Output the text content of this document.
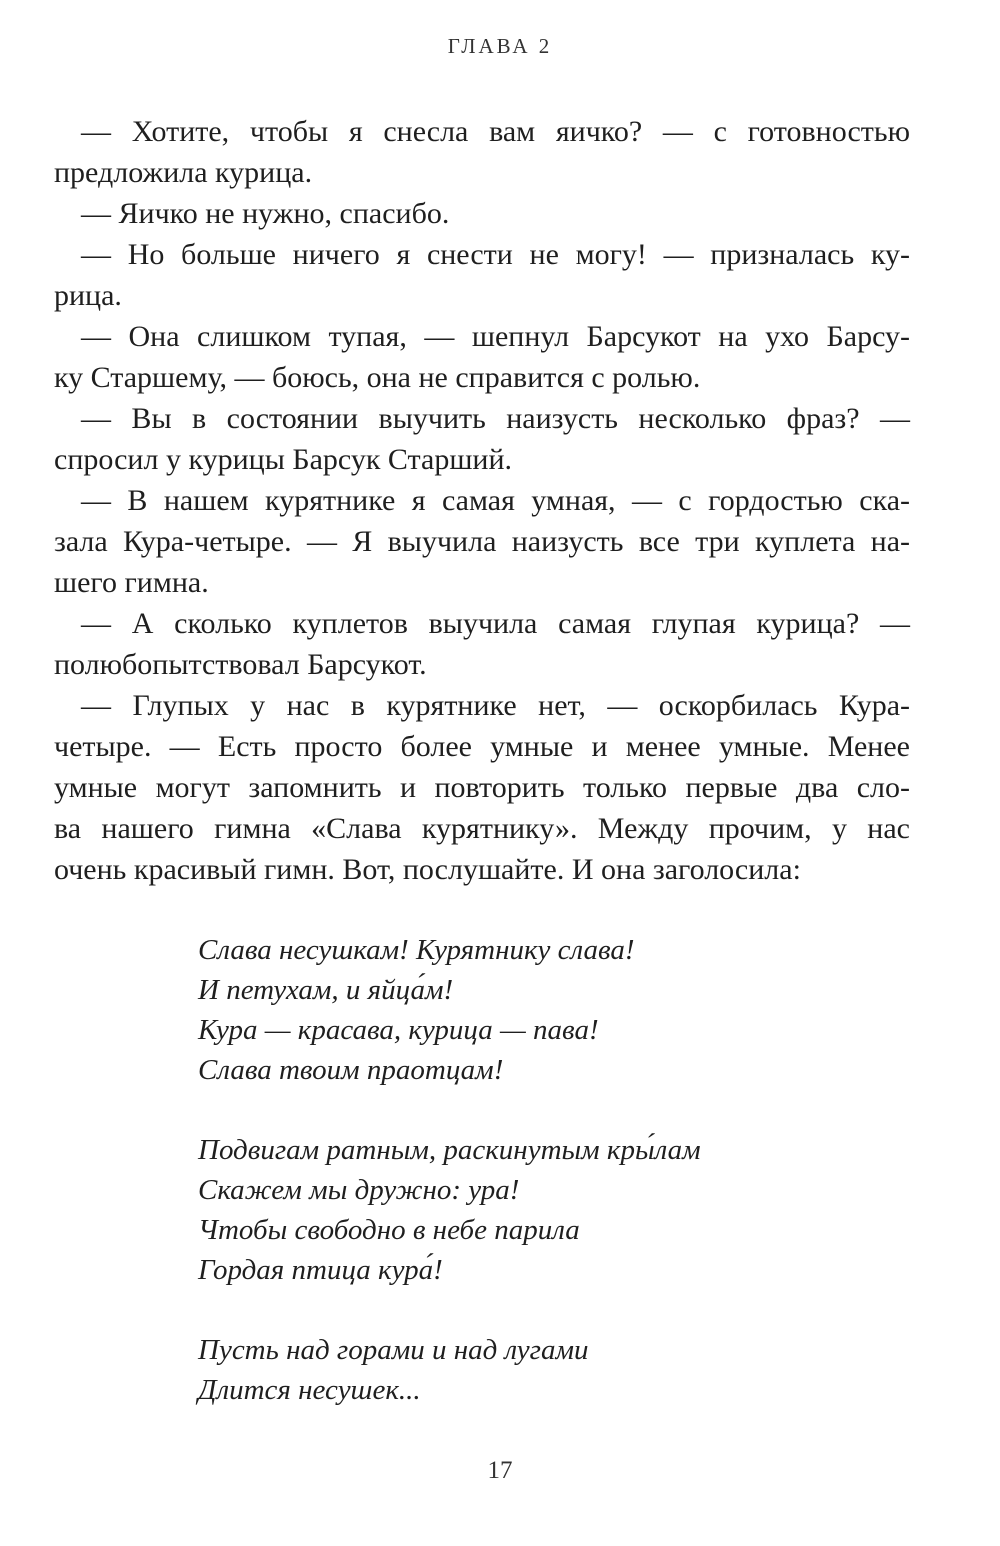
ГЛАВА 2
— Хотите, чтобы я снесла вам яичко? — с готовностью
предложила курица.
— Яичко не нужно, спасибо.
— Но больше ничего я снести не могу! — призналась ку-
рица.
— Она слишком тупая, — шепнул Барсукот на ухо Барсу-
ку Старшему, — боюсь, она не справится с ролью.
— Вы в состоянии выучить наизусть несколько фраз? —
спросил у курицы Барсук Старший.
— В нашем курятнике я самая умная, — с гордостью ска-
зала Кура-четыре. — Я выучила наизусть все три куплета на-
шего гимна.
— А сколько куплетов выучила самая глупая курица? —
полюбопытствовал Барсукот.
— Глупых у нас в курятнике нет, — оскорбилась Кура-
четыре. — Есть просто более умные и менее умные. Менее
умные могут запомнить и повторить только первые два сло-
ва нашего гимна «Слава курятнику». Между прочим, у нас
очень красивый гимн. Вот, послушайте. И она заголосила:
Слава несушкам! Курятнику слава!
И петухам, и яйца́м!
Кура — красава, курица — пава!
Слава твоим праотцам!
Подвигам ратным, раскинутым кры́лам
Скажем мы дружно: ура!
Чтобы свободно в небе парила
Гордая птица кура́!
Пусть над горами и над лугами
Длится несушек...
17
